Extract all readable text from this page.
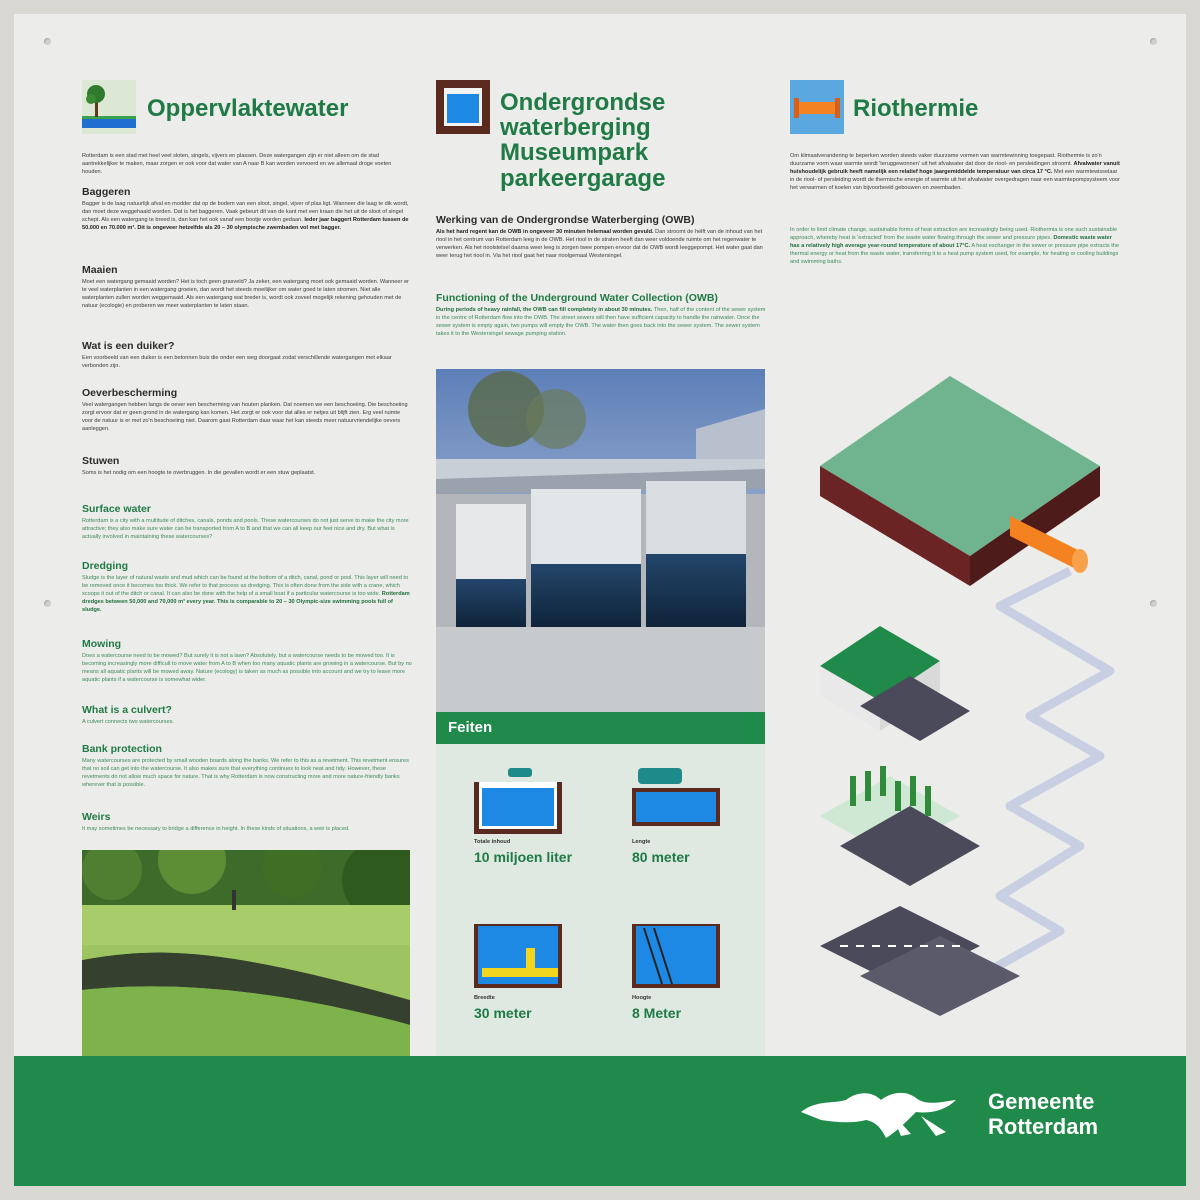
Oppervlaktewater

Rotterdam is een stad met heel veel sloten, singels, vijvers en plassen. Deze watergangen zijn er niet alleen om de stad aantrekkelijker te maken, maar zorgen er ook voor dat water van A naar B kan worden vervoerd en we allemaal droge voeten houden.

Baggeren

Bagger is de laag natuurlijk afval en modder dat op de bodem van een sloot, singel, vijver of plas ligt. Wanneer die laag te dik wordt, dan moet deze weggehaald worden. Dat is het baggeren. Vaak gebeurt dit van de kant met een kraan die het uit de sloot of singel schept. Als een watergang te breed is, dan kan het ook vanaf een bootje worden gedaan. Ieder jaar baggert Rotterdam tussen de 50.000 en 70.000 m³. Dit is ongeveer hetzelfde als 20 – 30 olympische zwembaden vol met bagger.

Maaien

Moet een watergang gemaaid worden? Het is toch geen grasveld? Ja zeker, een watergang moet ook gemaaid worden. Wanneer er te veel waterplanten in een watergang groeien, dan wordt het steeds moeilijker om water goed te laten stromen. Niet alle waterplanten zullen worden weggemaaid. Als een watergang wat breder is, wordt ook zoveel mogelijk rekening gehouden met de natuur (ecologie) en proberen we meer waterplanten te laten staan.

Wat is een duiker?

Een voorbeeld van een duiker is een betonnen buis die onder een weg doorgaat zodat verschillende watergangen met elkaar verbonden zijn.

Oeverbescherming

Veel watergangen hebben langs de oever een bescherming van houten planken. Dat noemen we een beschoeiing. Die beschoeiing zorgt ervoor dat er geen grond in de watergang kan komen. Het zorgt er ook voor dat alles er netjes uit blijft zien. Erg veel ruimte voor de natuur is er met zo'n beschoeiing niet. Daarom gaat Rotterdam daar waar het kan steeds meer natuurvriendelijke oevers aanleggen.

Stuwen

Soms is het nodig om een hoogte te overbruggen. In die gevallen wordt er een stuw geplaatst.

Surface water

Rotterdam is a city with a multitude of ditches, canals, ponds and pools. These watercourses do not just serve to make the city more attractive; they also make sure water can be transported from A to B and that we can all keep our feet nice and dry. But what is actually involved in maintaining these watercourses?

Dredging

Sludge is the layer of natural waste and mud which can be found at the bottom of a ditch, canal, pond or pool. This layer will need to be removed once it becomes too thick. We refer to that process as dredging. This is often done from the side with a crane, which scoops it out of the ditch or canal. It can also be done with the help of a small boat if a particular watercourse is too wide. Rotterdam dredges between 50,000 and 70,000 m³ every year. This is comparable to 20 – 30 Olympic-size swimming pools full of sludge.

Mowing

Does a watercourse need to be mowed? But surely it is not a lawn? Absolutely, but a watercourse needs to be mowed too. It is becoming increasingly more difficult to move water from A to B when too many aquatic plants are growing in a watercourse. But by no means all aquatic plants will be mowed away. Nature (ecology) is taken as much as possible into account and we try to leave more aquatic plants if a watercourse is somewhat wider.

What is a culvert?

A culvert connects two watercourses.

Bank protection

Many watercourses are protected by small wooden boards along the banks. We refer to this as a revetment. This revetment ensures that no soil can get into the watercourse. It also makes sure that everything continues to look neat and tidy. However, these revetments do not allow much space for nature. That is why Rotterdam is now constructing more and more nature-friendly banks wherever that is possible.

Weirs

It may sometimes be necessary to bridge a difference in height. In these kinds of situations, a weir is placed.

Ondergrondse
waterberging
Museumpark
parkeergarage
Werking van de Ondergrondse Waterberging (OWB)

Als het hard regent kan de OWB in ongeveer 30 minuten helemaal worden gevuld. Dan stroomt de helft van de inhoud van het riool in het centrum van Rotterdam leeg in de OWB. Het riool in de straten heeft dan weer voldoende ruimte om het regenwater te verwerken. Als het rioolstelsel daarna weer leeg is zorgen twee pompen ervoor dat de OWB wordt leeggepompt. Het water gaat dan weer terug het riool in. Via het riool gaat het naar rioolgemaal Westersingel.

Functioning of the Underground Water Collection (OWB)

During periods of heavy rainfall, the OWB can fill completely in about 30 minutes. Then, half of the content of the sewer system in the centre of Rotterdam flow into the OWB. The street sewers will then have sufficient capacity to handle the rainwater. Once the sewer system is empty again, two pumps will empty the OWB. The water then goes back into the sewer system. The sewer system takes it to the Westersingel sewage pumping station.

Feiten
Totale inhoud
10 miljoen liter
Lengte
80 meter
Breedte
30 meter
Hoogte
8 Meter
Riothermie

Om klimaatverandering te beperken worden steeds vaker duurzame vormen van warmtewinning toegepast. Riothermie is zo'n duurzame vorm waar warmte wordt 'teruggewonnen' uit het afvalwater dat door de riool- en persleidingen stroomt. Afvalwater vanuit huishoudelijk gebruik heeft namelijk een relatief hoge jaargemiddelde temperatuur van circa 17 °C. Met een warmtewisselaar in de riool- of persleiding wordt de thermische energie of warmte uit het afvalwater overgedragen naar een warmtepompsysteem voor het verwarmen of koelen van bijvoorbeeld gebouwen en zwembaden.

In order to limit climate change, sustainable forms of heat extraction are increasingly being used. Riothermia is one such sustainable approach, whereby heat is 'extracted' from the waste water flowing through the sewer and pressure pipes. Domestic waste water has a relatively high average year-round temperature of about 17°C. A heat exchanger in the sewer or pressure pipe extracts the thermal energy or heat from the waste water, transferring it to a heat pump system used, for example, for heating or cooling buildings and swimming baths.

Gemeente
Rotterdam
